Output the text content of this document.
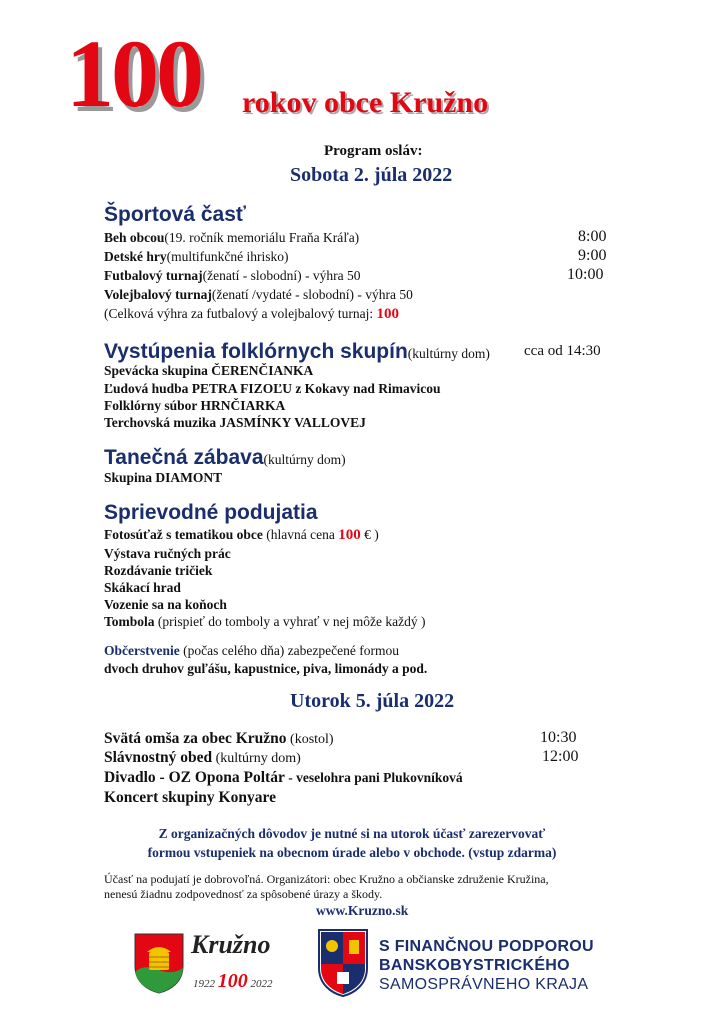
100 rokov obce Kružno
Program osláv:
Sobota 2. júla 2022
Športová časť
Beh obcou(19. ročník memoriálu Fraňa Kráľa)	8:00
Detské hry(multifunkčné ihrisko)	9:00
Futbalový turnaj(ženatí - slobodní) - výhra 50	10:00
Volejbalový turnaj(ženatí /vydaté - slobodní) - výhra 50
(Celková výhra za futbalový a volejbalový turnaj: 100
Vystúpenia folklórnych skupín(kultúrny dom) cca od 14:30
Spevácka skupina ČERENČIANKA
Ľudová hudba PETRA FIZOĽU z Kokavy nad Rimavicou
Folklórny súbor HRNČIARKA
Terchovská muzika JASMÍNKY VALLOVEJ
Tanečná zábava(kultúrny dom)
Skupina DIAMONT
Sprievodné podujatia
Fotosúťaž s tematikou obce (hlavná cena 100 € )
Výstava ručných prác
Rozdávanie tričiek
Skákací hrad
Vozenie sa na koňoch
Tombola (prispieť do tomboly a vyhrať v nej môže každý )
Občerstvenie (počas celého dňa) zabezpečené formou
dvoch druhov guľášu, kapustnice, piva, limonády a pod.
Utorok 5. júla 2022
Svätá omša za obec Kružno (kostol)	10:30
Slávnostný obed (kultúrny dom)	12:00
Divadlo - OZ Opona Poltár - veselohra pani Plukovníková
Koncert skupiny Konyare
Z organizačných dôvodov je nutné si na utorok účasť zarezervovať
formou vstupeniek na obecnom úrade alebo v obchode. (vstup zdarma)
Účasť na podujatí je dobrovoľná. Organizátori: obec Kružno a občianske združenie Kružina,
nenesú žiadnu zodpovednosť za spôsobené úrazy a škody.
www.Kruzno.sk
Kružno
1922 100 2022
S FINANČNOU PODPOROU
BANSKOBYSTRICKÉHO
SAMOSPRÁVNEHO KRAJA
